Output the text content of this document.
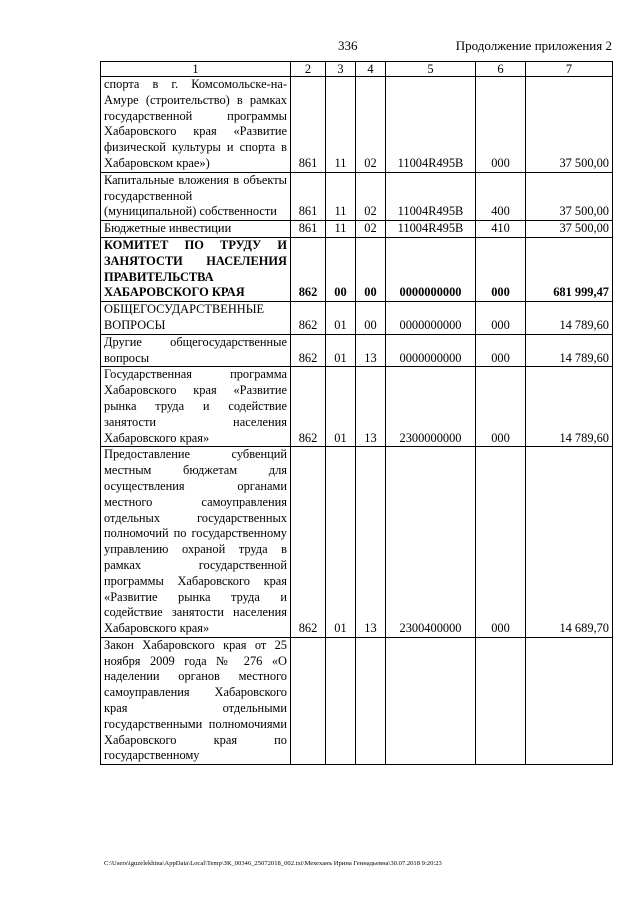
336	Продолжение приложения 2
1	2	3	4	5	6	7
спорта в г. Комсомольске-на-Амуре (строительство) в рамках государственной программы Хабаровского края «Развитие физической культуры и спорта в Хабаровском крае»)	861	11	02	11004R495B	000	37 500,00
Капитальные вложения в объекты государственной (муниципальной) собственности	861	11	02	11004R495B	400	37 500,00
Бюджетные инвестиции	861	11	02	11004R495B	410	37 500,00
КОМИТЕТ ПО ТРУДУ И ЗАНЯТОСТИ НАСЕЛЕНИЯ ПРАВИТЕЛЬСТВА ХАБАРОВСКОГО КРАЯ	862	00	00	0000000000	000	681 999,47
ОБЩЕГОСУДАРСТВЕННЫЕ ВОПРОСЫ	862	01	00	0000000000	000	14 789,60
Другие общегосударственные вопросы	862	01	13	0000000000	000	14 789,60
Государственная программа Хабаровского края «Развитие рынка труда и содействие занятости населения Хабаровского края»	862	01	13	2300000000	000	14 789,60
Предоставление субвенций местным бюджетам для осуществления органами местного самоуправления отдельных государственных полномочий по государственному управлению охраной труда в рамках государственной программы Хабаровского края «Развитие рынка труда и содействие занятости населения Хабаровского края»	862	01	13	2300400000	000	14 689,70
Закон Хабаровского края от 25 ноября 2009 года № 276 «О наделении органов местного самоуправления Хабаровского края отдельными государственными полномочиями Хабаровского края по государственному						
C:\Users\iguzelekhina\AppData\Local\Temp\ЗК_00346_25072018_002.txt\Мехеханъ Ирина Геннадьевна\30.07.2018 9:20:23
